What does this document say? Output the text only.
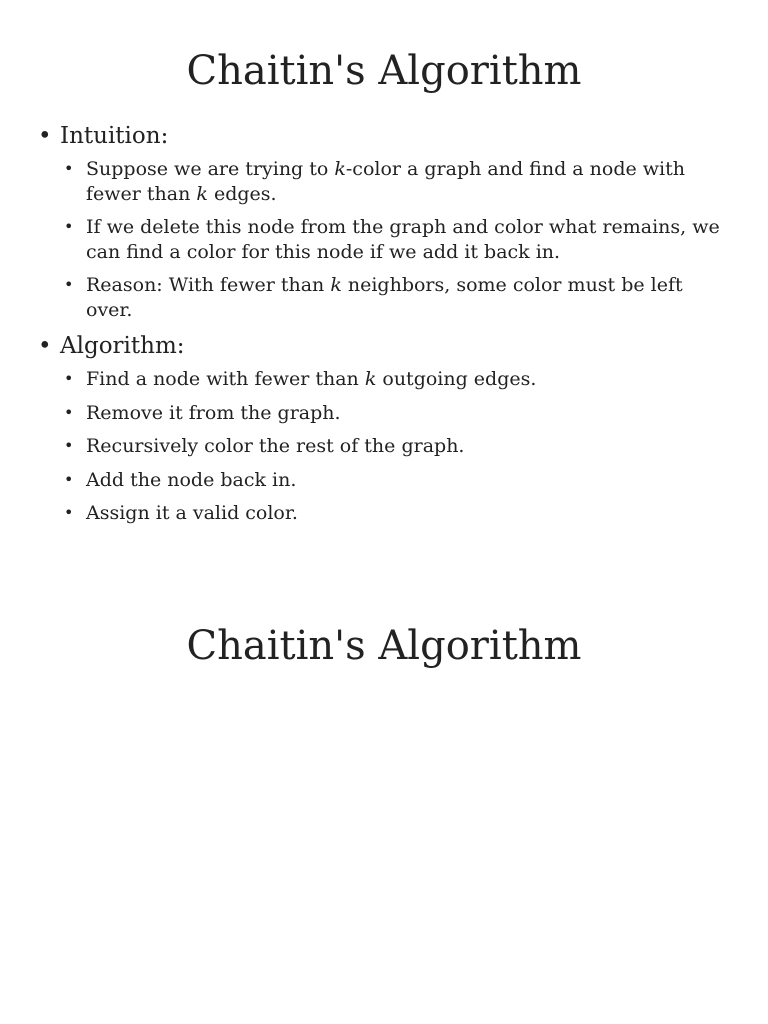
Chaitin's Algorithm
• Intuition:
• Suppose we are trying to k-color a graph and find a node with fewer than k edges.
• If we delete this node from the graph and color what remains, we can find a color for this node if we add it back in.
• Reason: With fewer than k neighbors, some color must be left over.
• Algorithm:
• Find a node with fewer than k outgoing edges.
• Remove it from the graph.
• Recursively color the rest of the graph.
• Add the node back in.
• Assign it a valid color.
Chaitin's Algorithm
